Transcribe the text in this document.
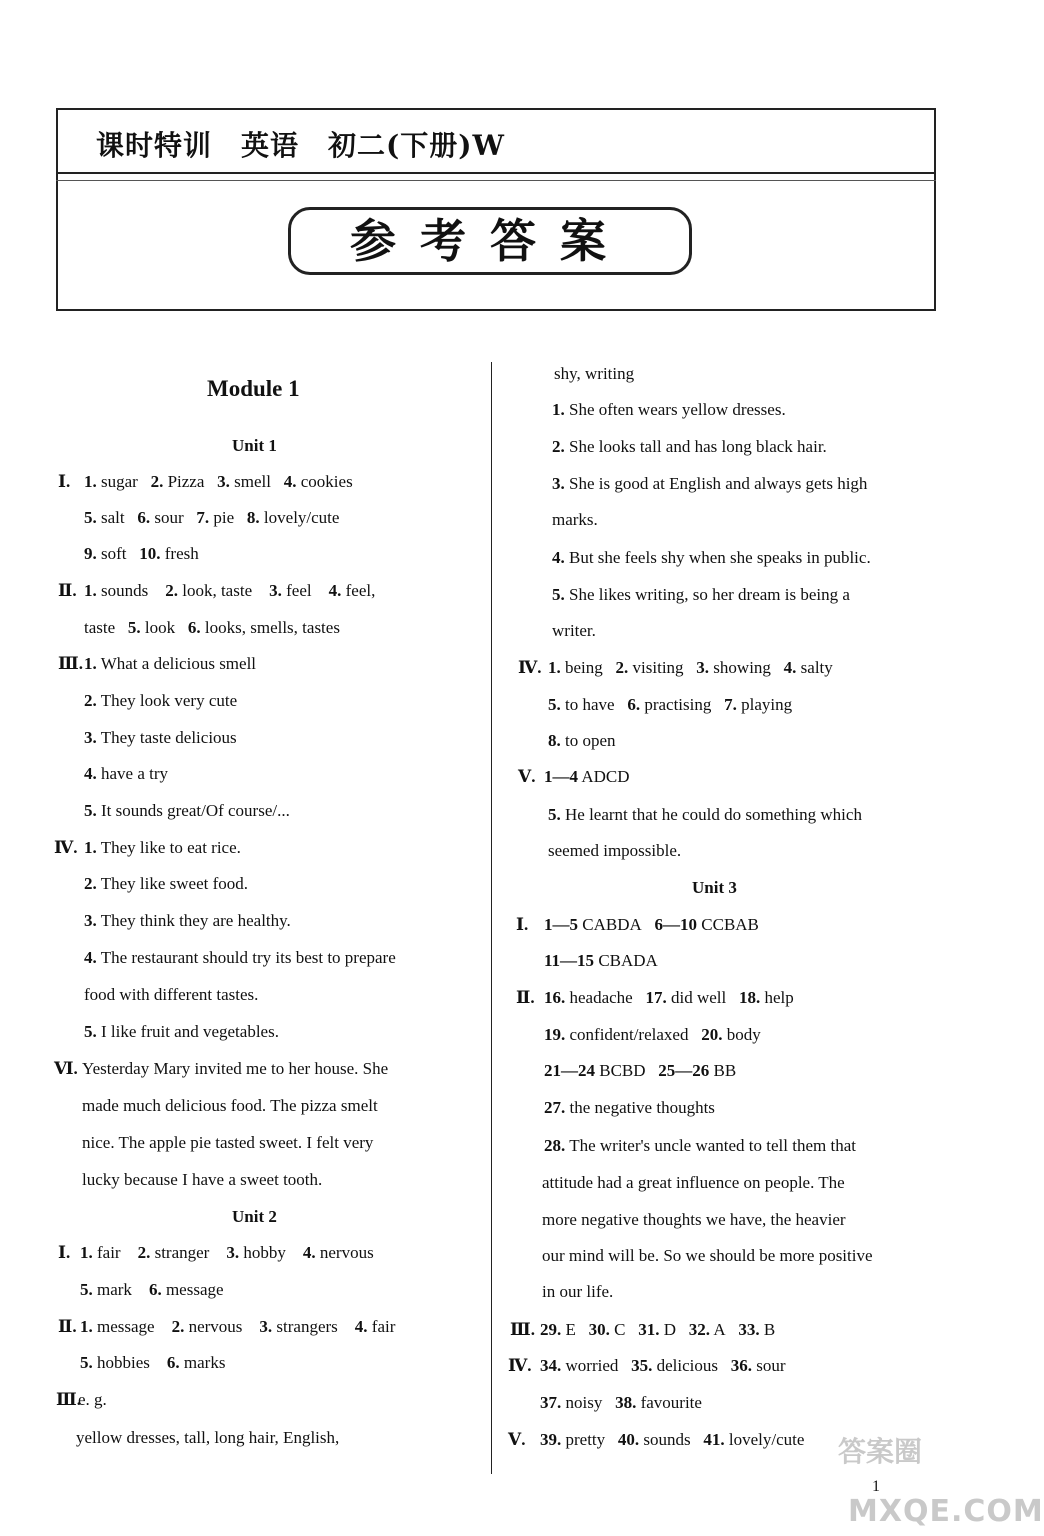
课时特训　英语　初二(下册)W
参考答案
Module 1
Unit 1
Ⅰ. 1. sugar 2. Pizza 3. smell 4. cookies
5. salt 6. sour 7. pie 8. lovely/cute
9. soft 10. fresh
Ⅱ. 1. sounds 2. look, taste 3. feel 4. feel,
taste 5. look 6. looks, smells, tastes
Ⅲ. 1. What a delicious smell
2. They look very cute
3. They taste delicious
4. have a try
5. It sounds great/Of course/...
Ⅳ. 1. They like to eat rice.
2. They like sweet food.
3. They think they are healthy.
4. The restaurant should try its best to prepare
food with different tastes.
5. I like fruit and vegetables.
Ⅵ. Yesterday Mary invited me to her house. She
made much delicious food. The pizza smelt
nice. The apple pie tasted sweet. I felt very
lucky because I have a sweet tooth.
Unit 2
Ⅰ. 1. fair 2. stranger 3. hobby 4. nervous
5. mark 6. message
Ⅱ. 1. message 2. nervous 3. strangers 4. fair
5. hobbies 6. marks
Ⅲ.
e. g.
yellow dresses, tall, long hair, English,
shy, writing
1. She often wears yellow dresses.
2. She looks tall and has long black hair.
3. She is good at English and always gets high
marks.
4. But she feels shy when she speaks in public.
5. She likes writing, so her dream is being a
writer.
Ⅳ. 1. being 2. visiting 3. showing 4. salty
5. to have 6. practising 7. playing
8. to open
Ⅴ. 1—4 ADCD
5. He learnt that he could do something which
seemed impossible.
Unit 3
Ⅰ. 1—5 CABDA 6—10 CCBAB
11—15 CBADA
Ⅱ. 16. headache 17. did well 18. help
19. confident/relaxed 20. body
21—24 BCBD 25—26 BB
27. the negative thoughts
28. The writer's uncle wanted to tell them that
attitude had a great influence on people. The
more negative thoughts we have, the heavier
our mind will be. So we should be more positive
in our life.
Ⅲ. 29. E 30. C 31. D 32. A 33. B
Ⅳ. 34. worried 35. delicious 36. sour
37. noisy 38. favourite
Ⅴ. 39. pretty 40. sounds 41. lovely/cute 答案圈
1
MXQE.COM
